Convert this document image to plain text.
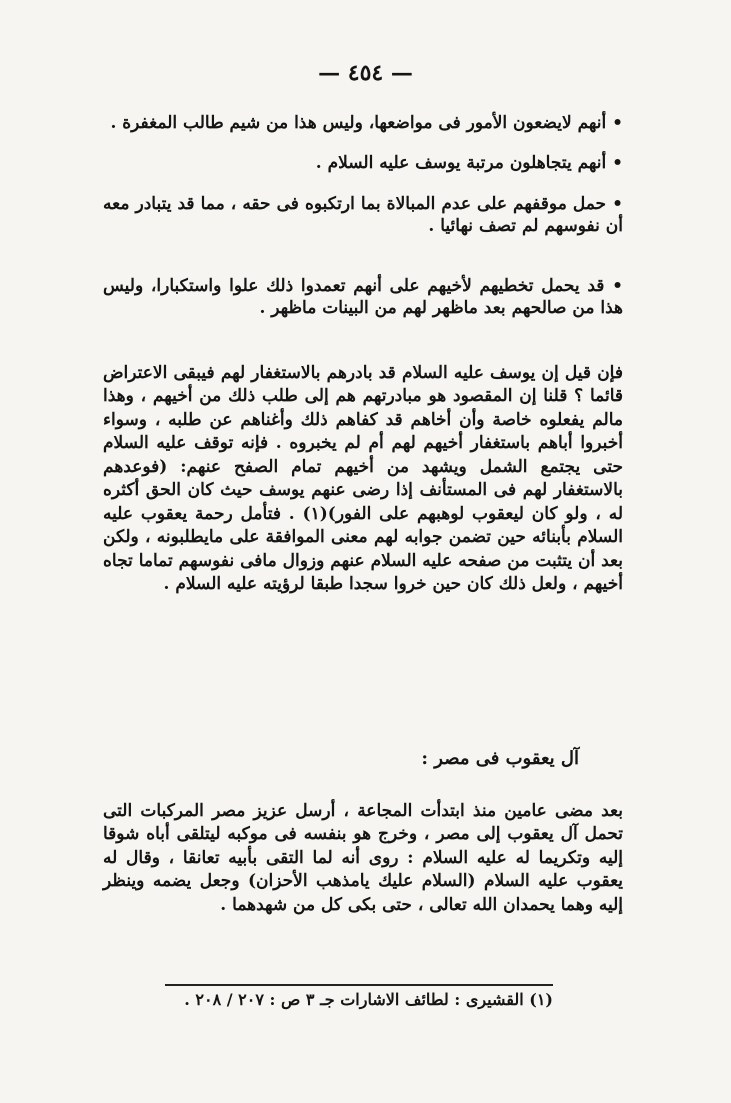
— ٤٥٤ —
• أنهم لايضعون الأمور فى مواضعها، وليس هذا من شيم طالب المغفرة .
• أنهم يتجاهلون مرتبة يوسف عليه السلام .
• حمل موقفهم على عدم المبالاة بما ارتكبوه فى حقه ، مما قد يتبادر معه أن نفوسهم لم تصف نهائيا .
• قد يحمل تخطيهم لأخيهم على أنهم تعمدوا ذلك علوا واستكبارا، وليس هذا من صالحهم بعد ماظهر لهم من البينات ماظهر .
فإن قيل إن يوسف عليه السلام قد بادرهم بالاستغفار لهم فيبقى الاعتراض قائما ؟ قلنا إن المقصود هو مبادرتهم هم إلى طلب ذلك من أخيهم ، وهذا مالم يفعلوه خاصة وأن أخاهم قد كفاهم ذلك وأغناهم عن طلبه ، وسواء أخبروا أباهم باستغفار أخيهم لهم أم لم يخبروه . فإنه توقف عليه السلام حتى يجتمع الشمل ويشهد من أخيهم تمام الصفح عنهم: (فوعدهم بالاستغفار لهم فى المستأنف إذا رضى عنهم يوسف حيث كان الحق أكثره له ، ولو كان ليعقوب لوهبهم على الفور)(١) . فتأمل رحمة يعقوب عليه السلام بأبنائه حين تضمن جوابه لهم معنى الموافقة على مايطلبونه ، ولكن بعد أن يتثبت من صفحه عليه السلام عنهم وزوال مافى نفوسهم تماما تجاه أخيهم ، ولعل ذلك كان حين خروا سجدا طبقا لرؤيته عليه السلام .
آل يعقوب فى مصر :
بعد مضى عامين منذ ابتدأت المجاعة ، أرسل عزيز مصر المركبات التى تحمل آل يعقوب إلى مصر ، وخرج هو بنفسه فى موكبه ليتلقى أباه شوقا إليه وتكريما له عليه السلام : روى أنه لما التقى بأبيه تعانقا ، وقال له يعقوب عليه السلام (السلام عليك يامذهب الأحزان) وجعل يضمه وينظر إليه وهما يحمدان الله تعالى ، حتى بكى كل من شهدهما .
(١) القشيرى : لطائف الاشارات جـ ٣ ص : ٢٠٧ / ٢٠٨ .
